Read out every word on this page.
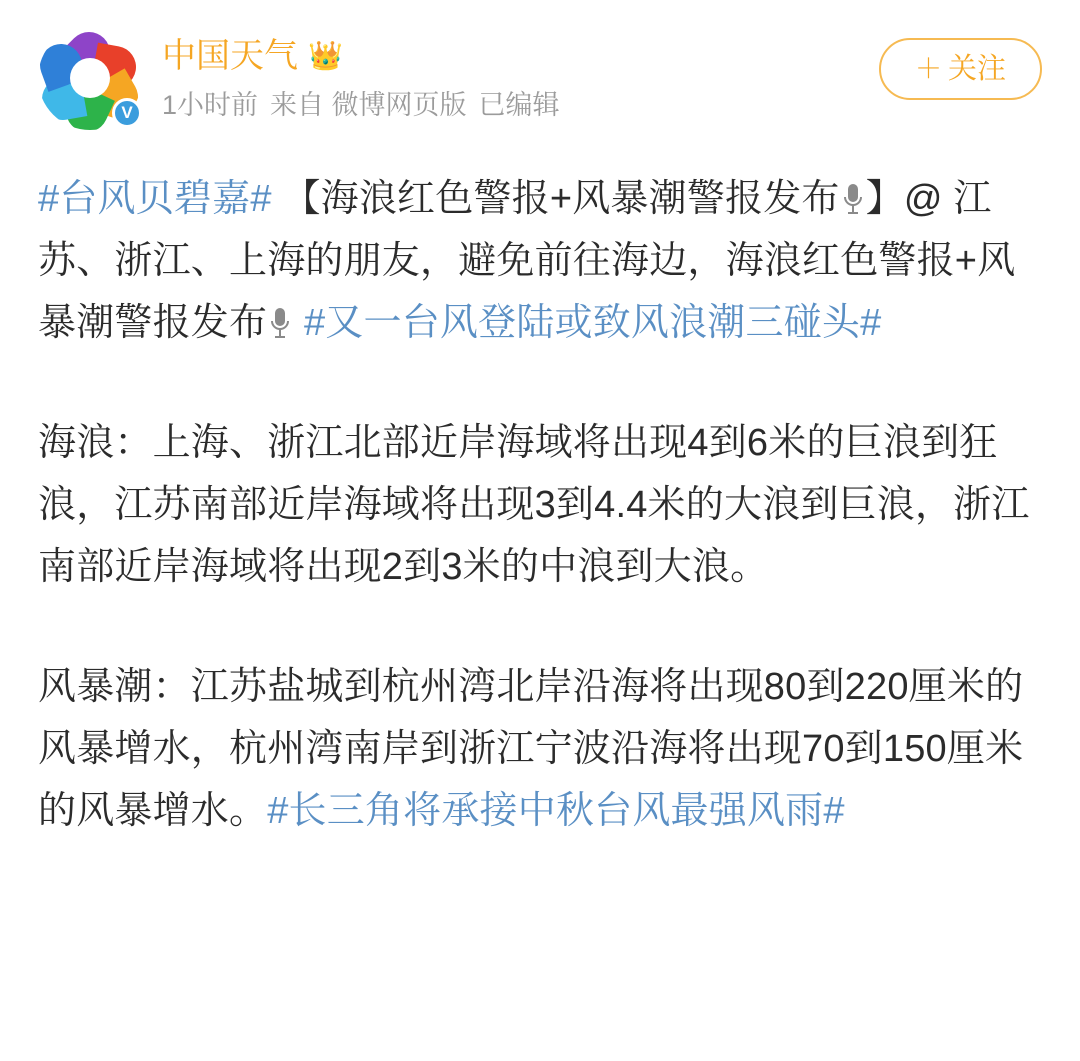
V
中国天气 👑
1小时前 来自 微博网页版 已编辑
＋ 关注

#台风贝碧嘉# 【海浪红色警报+风暴潮警报发布 】@ 江苏、浙江、上海的朋友，避免前往海边，海浪红色警报+风暴潮警报发布 #又一台风登陆或致风浪潮三碰头#

海浪：上海、浙江北部近岸海域将出现4到6米的巨浪到狂浪，江苏南部近岸海域将出现3到4.4米的大浪到巨浪，浙江南部近岸海域将出现2到3米的中浪到大浪。

风暴潮：江苏盐城到杭州湾北岸沿海将出现80到220厘米的风暴增水，杭州湾南岸到浙江宁波沿海将出现70到150厘米的风暴增水。#长三角将承接中秋台风最强风雨#
